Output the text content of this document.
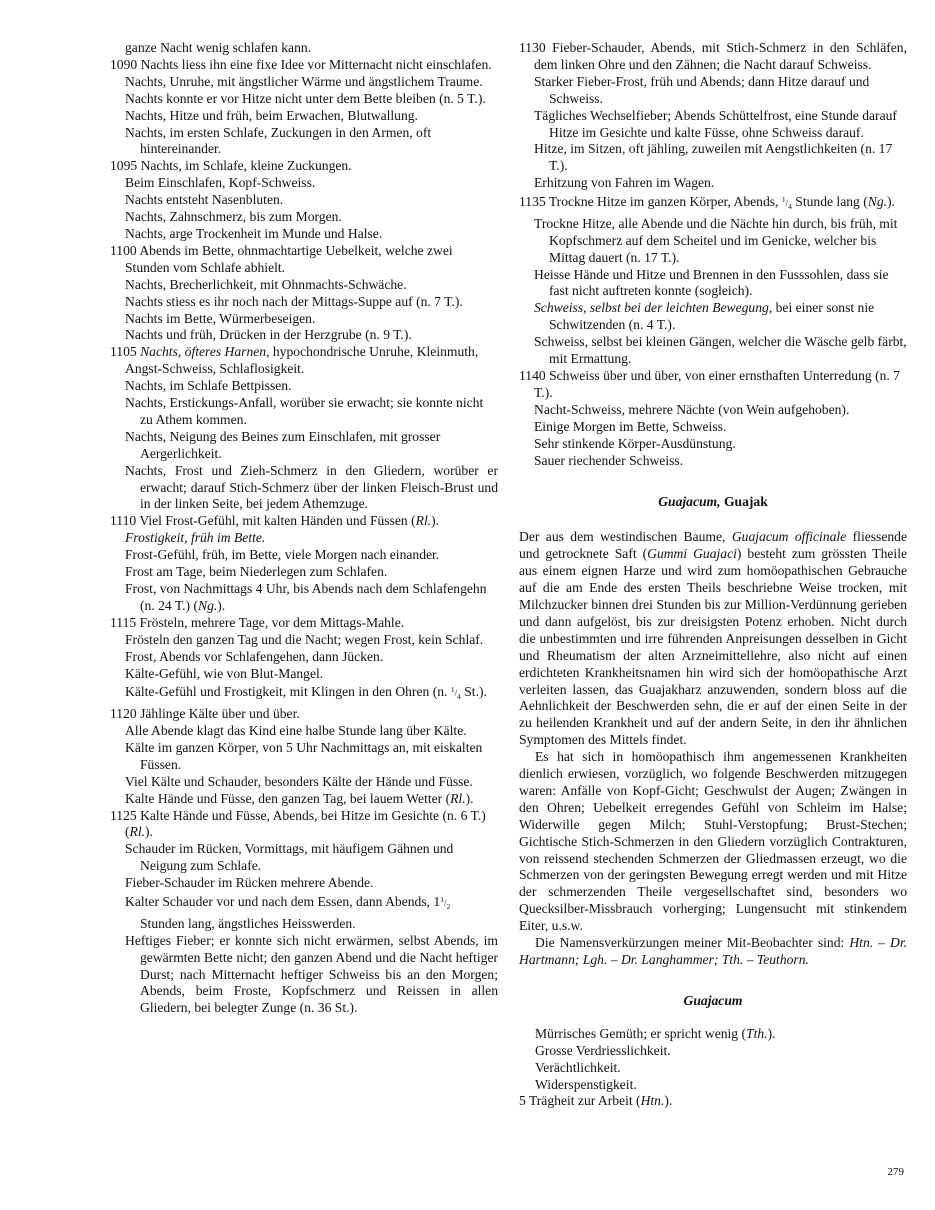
ganze Nacht wenig schlafen kann.
1090 Nachts liess ihn eine fixe Idee vor Mitternacht nicht einschlafen.
Nachts, Unruhe, mit ängstlicher Wärme und ängstlichem Traume.
Nachts konnte er vor Hitze nicht unter dem Bette bleiben (n. 5 T.).
Nachts, Hitze und früh, beim Erwachen, Blutwallung.
Nachts, im ersten Schlafe, Zuckungen in den Armen, oft hintereinander.
1095 Nachts, im Schlafe, kleine Zuckungen.
Beim Einschlafen, Kopf-Schweiss.
Nachts entsteht Nasenbluten.
Nachts, Zahnschmerz, bis zum Morgen.
Nachts, arge Trockenheit im Munde und Halse.
1100 Abends im Bette, ohnmachtartige Uebelkeit, welche zwei Stunden vom Schlafe abhielt.
Nachts, Brecherlichkeit, mit Ohnmachts-Schwäche.
Nachts stiess es ihr noch nach der Mittags-Suppe auf (n. 7 T.).
Nachts im Bette, Würmerbeseigen.
Nachts und früh, Drücken in der Herzgrube (n. 9 T.).
1105 Nachts, öfteres Harnen, hypochondrische Unruhe, Kleinmuth, Angst-Schweiss, Schlaflosigkeit.
Nachts, im Schlafe Bettpissen.
Nachts, Erstickungs-Anfall, worüber sie erwacht; sie konnte nicht zu Athem kommen.
Nachts, Neigung des Beines zum Einschlafen, mit grosser Aergerlichkeit.
Nachts, Frost und Zieh-Schmerz in den Gliedern, worüber er erwacht; darauf Stich-Schmerz über der linken Fleisch-Brust und in der linken Seite, bei jedem Athemzuge.
1110 Viel Frost-Gefühl, mit kalten Händen und Füssen (Rl.).
Frostigkeit, früh im Bette.
Frost-Gefühl, früh, im Bette, viele Morgen nach einander.
Frost am Tage, beim Niederlegen zum Schlafen.
Frost, von Nachmittags 4 Uhr, bis Abends nach dem Schlafengehn (n. 24 T.) (Ng.).
1115 Frösteln, mehrere Tage, vor dem Mittags-Mahle.
Frösteln den ganzen Tag und die Nacht; wegen Frost, kein Schlaf.
Frost, Abends vor Schlafengehen, dann Jücken.
Kälte-Gefühl, wie von Blut-Mangel.
Kälte-Gefühl und Frostigkeit, mit Klingen in den Ohren (n. $^1/_4$ St.).
1120 Jählinge Kälte über und über.
Alle Abende klagt das Kind eine halbe Stunde lang über Kälte.
Kälte im ganzen Körper, von 5 Uhr Nachmittags an, mit eiskalten Füssen.
Viel Kälte und Schauder, besonders Kälte der Hände und Füsse.
Kalte Hände und Füsse, den ganzen Tag, bei lauem Wetter (Rl.).
1125 Kalte Hände und Füsse, Abends, bei Hitze im Gesichte (n. 6 T.) (Rl.).
Schauder im Rücken, Vormittags, mit häufigem Gähnen und Neigung zum Schlafe.
Fieber-Schauder im Rücken mehrere Abende.
Kalter Schauder vor und nach dem Essen, dann Abends, $1^1/_2$ Stunden lang, ängstliches Heisswerden.
Heftiges Fieber; er konnte sich nicht erwärmen, selbst Abends, im gewärmten Bette nicht; den ganzen Abend und die Nacht heftiger Durst; nach Mitternacht heftiger Schweiss bis an den Morgen; Abends, beim Froste, Kopfschmerz und Reissen in allen Gliedern, bei belegter Zunge (n. 36 St.).
1130 Fieber-Schauder, Abends, mit Stich-Schmerz in den Schläfen, dem linken Ohre und den Zähnen; die Nacht darauf Schweiss.
Starker Fieber-Frost, früh und Abends; dann Hitze darauf und Schweiss.
Tägliches Wechselfieber; Abends Schüttelfrost, eine Stunde darauf Hitze im Gesichte und kalte Füsse, ohne Schweiss darauf.
Hitze, im Sitzen, oft jähling, zuweilen mit Aengstlichkeiten (n. 17 T.).
Erhitzung von Fahren im Wagen.
1135 Trockne Hitze im ganzen Körper, Abends, $^1/_4$ Stunde lang (Ng.).
Trockne Hitze, alle Abende und die Nächte hin durch, bis früh, mit Kopfschmerz auf dem Scheitel und im Genicke, welcher bis Mittag dauert (n. 17 T.).
Heisse Hände und Hitze und Brennen in den Fusssohlen, dass sie fast nicht auftreten konnte (sogleich).
Schweiss, selbst bei der leichten Bewegung, bei einer sonst nie Schwitzenden (n. 4 T.).
Schweiss, selbst bei kleinen Gängen, welcher die Wäsche gelb färbt, mit Ermattung.
1140 Schweiss über und über, von einer ernsthaften Unterredung (n. 7 T.).
Nacht-Schweiss, mehrere Nächte (von Wein aufgehoben).
Einige Morgen im Bette, Schweiss.
Sehr stinkende Körper-Ausdünstung.
Sauer riechender Schweiss.
Guajacum, Guajak
Der aus dem westindischen Baume, Guajacum officinale fliessende und getrocknete Saft (Gummi Guajaci) besteht zum grössten Theile aus einem eignen Harze und wird zum homöopathischen Gebrauche auf die am Ende des ersten Theils beschriebne Weise trocken, mit Milchzucker binnen drei Stunden bis zur Million-Verdünnung gerieben und dann aufgelöst, bis zur dreisigsten Potenz erhoben. Nicht durch die unbestimmten und irre führenden Anpreisungen desselben in Gicht und Rheumatism der alten Arzneimittellehre, also nicht auf einen erdichteten Krankheitsnamen hin wird sich der homöopathische Arzt verleiten lassen, das Guajakharz anzuwenden, sondern bloss auf die Aehnlichkeit der Beschwerden sehn, die er auf der einen Seite in der zu heilenden Krankheit und auf der andern Seite, in den ihr ähnlichen Symptomen des Mittels findet.
Es hat sich in homöopathisch ihm angemessenen Krankheiten dienlich erwiesen, vorzüglich, wo folgende Beschwerden mitzugegen waren: Anfälle von Kopf-Gicht; Geschwulst der Augen; Zwängen in den Ohren; Uebelkeit erregendes Gefühl von Schleim im Halse; Widerwille gegen Milch; Stuhl-Verstopfung; Brust-Stechen; Gichtische Stich-Schmerzen in den Gliedern vorzüglich Contrakturen, von reissend stechenden Schmerzen der Gliedmassen erzeugt, wo die Schmerzen von der geringsten Bewegung erregt werden und mit Hitze der schmerzenden Theile vergesellschaftet sind, besonders wo Quecksilber-Missbrauch vorherging; Lungensucht mit stinkendem Eiter, u.s.w.
Die Namensverkürzungen meiner Mit-Beobachter sind: Htn. – Dr. Hartmann; Lgh. – Dr. Langhammer; Tth. – Teuthorn.
Guajacum
Mürrisches Gemüth; er spricht wenig (Tth.).
Grosse Verdriesslichkeit.
Verächtlichkeit.
Widerspenstigkeit.
5 Trägheit zur Arbeit (Htn.).
279
